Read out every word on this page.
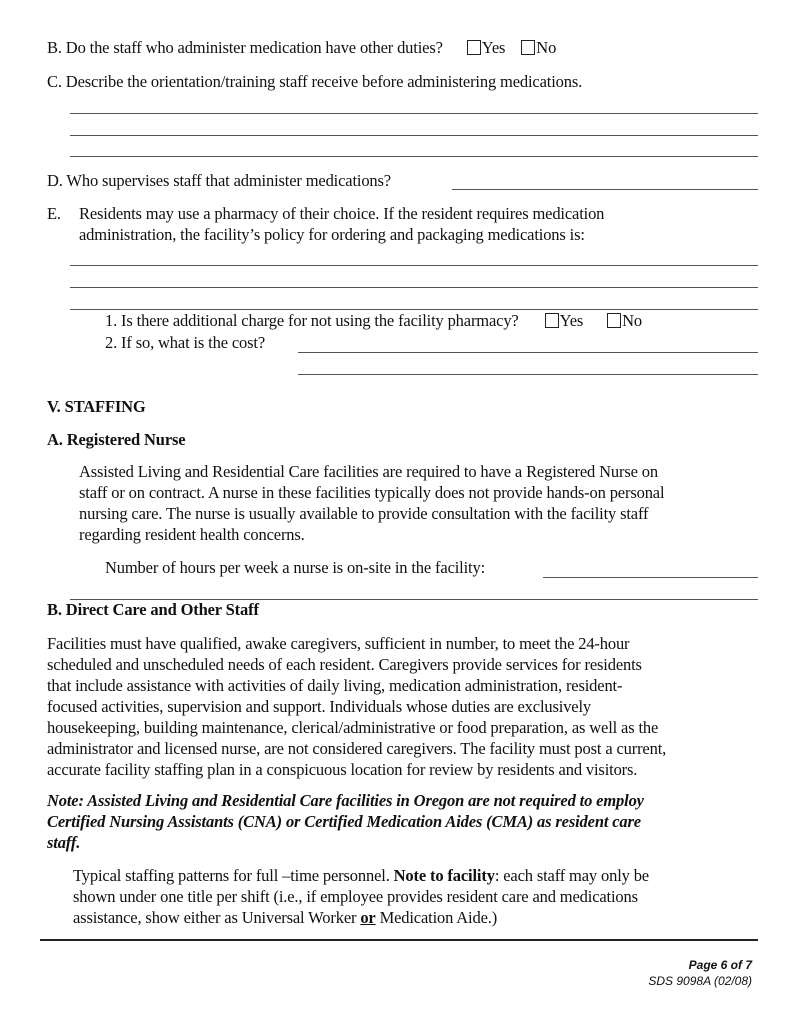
B. Do the staff who administer medication have other duties? Yes No
C. Describe the orientation/training staff receive before administering medications.
D. Who supervises staff that administer medications?
E. Residents may use a pharmacy of their choice. If the resident requires medication
administration, the facility’s policy for ordering and packaging medications is:
1. Is there additional charge for not using the facility pharmacy? Yes No
2. If so, what is the cost?
V. STAFFING
A. Registered Nurse
Assisted Living and Residential Care facilities are required to have a Registered Nurse on
staff or on contract. A nurse in these facilities typically does not provide hands-on personal
nursing care. The nurse is usually available to provide consultation with the facility staff
regarding resident health concerns.
Number of hours per week a nurse is on-site in the facility:
B. Direct Care and Other Staff
Facilities must have qualified, awake caregivers, sufficient in number, to meet the 24-hour
scheduled and unscheduled needs of each resident. Caregivers provide services for residents
that include assistance with activities of daily living, medication administration, resident-
focused activities, supervision and support. Individuals whose duties are exclusively
housekeeping, building maintenance, clerical/administrative or food preparation, as well as the
administrator and licensed nurse, are not considered caregivers. The facility must post a current,
accurate facility staffing plan in a conspicuous location for review by residents and visitors.
Note: Assisted Living and Residential Care facilities in Oregon are not required to employ
Certified Nursing Assistants (CNA) or Certified Medication Aides (CMA) as resident care
staff.
Typical staffing patterns for full –time personnel. Note to facility: each staff may only be
shown under one title per shift (i.e., if employee provides resident care and medications
assistance, show either as Universal Worker or Medication Aide.)
Page 6 of 7
SDS 9098A (02/08)
